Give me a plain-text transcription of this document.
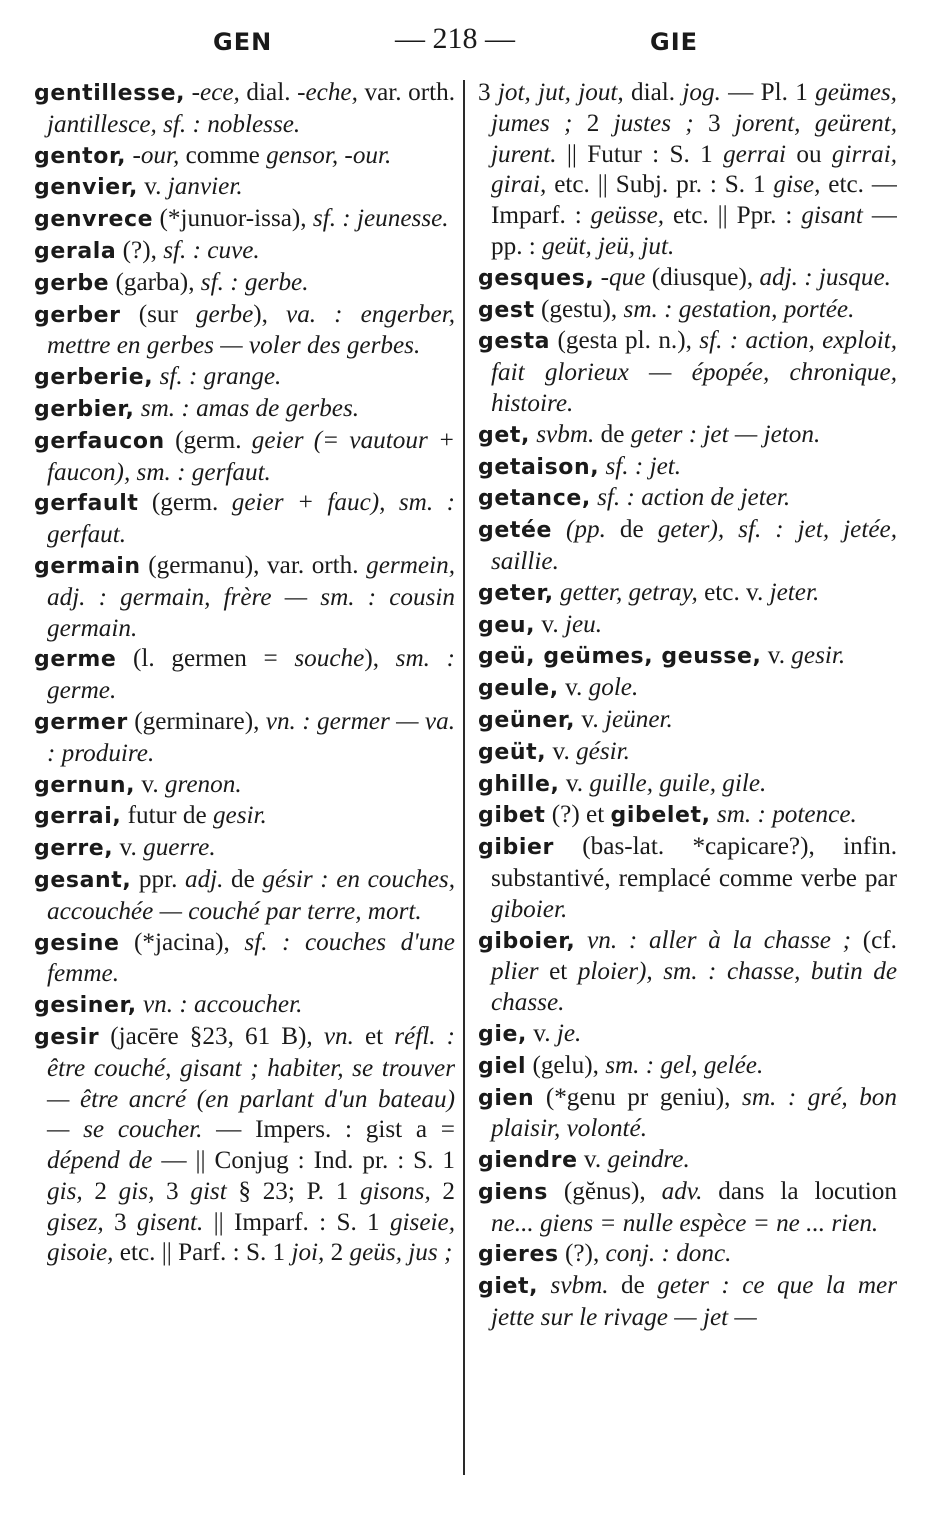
GEN	— 218 —	GIE

gentillesse, -ece, dial. -eche, var. orth. jantillesce, sf. : noblesse.

gentor, -our, comme gensor, -our.

genvier, v. janvier.

genvrece (*junuor-issa), sf. : jeunesse.

gerala (?), sf. : cuve.

gerbe (garba), sf. : gerbe.

gerber (sur gerbe), va. : engerber, mettre en gerbes — voler des gerbes.

gerberie, sf. : grange.

gerbier, sm. : amas de gerbes.

gerfaucon (germ. geier (= vautour + faucon), sm. : gerfaut.

gerfault (germ. geier + fauc), sm. : gerfaut.

germain (germanu), var. orth. germein, adj. : germain, frère — sm. : cousin germain.

germe (l. germen = souche), sm. : germe.

germer (germinare), vn. : germer — va. : produire.

gernun, v. grenon.

gerrai, futur de gesir.

gerre, v. guerre.

gesant, ppr. adj. de gésir : en couches, accouchée — couché par terre, mort.

gesine (*jacina), sf. : couches d'une femme.

gesiner, vn. : accoucher.

gesir (jacēre §23, 61 B), vn. et réfl. : être couché, gisant ; habiter, se trouver — être ancré (en parlant d'un bateau) — se coucher. — Impers. : gist a = dépend de — || Conjug : Ind. pr. : S. 1 gis, 2 gis, 3 gist § 23; P. 1 gisons, 2 gisez, 3 gisent. || Imparf. : S. 1 giseie, gisoie, etc. || Parf. : S. 1 joi, 2 geüs, jus ;

3 jot, jut, jout, dial. jog. — Pl. 1 geümes, jumes ; 2 justes ; 3 jorent, geürent, jurent. || Futur : S. 1 gerrai ou girrai, girai, etc. || Subj. pr. : S. 1 gise, etc. — Imparf. : geüsse, etc. || Ppr. : gisant — pp. : geüt, jeü, jut.

gesques, -que (diusque), adj. : jusque.

gest (gestu), sm. : gestation, portée.

gesta (gesta pl. n.), sf. : action, exploit, fait glorieux — épopée, chronique, histoire.

get, svbm. de geter : jet — jeton.

getaison, sf. : jet.

getance, sf. : action de jeter.

getée (pp. de geter), sf. : jet, jetée, saillie.

geter, getter, getray, etc. v. jeter.

geu, v. jeu.

geü, geümes, geusse, v. gesir.

geule, v. gole.

geüner, v. jeüner.

geüt, v. gésir.

ghille, v. guille, guile, gile.

gibet (?) et gibelet, sm. : potence.

gibier (bas-lat. *capicare?), infin. substantivé, remplacé comme verbe par giboier.

giboier, vn. : aller à la chasse ; (cf. plier et ploier), sm. : chasse, butin de chasse.

gie, v. je.

giel (gelu), sm. : gel, gelée.

gien (*genu pr geniu), sm. : gré, bon plaisir, volonté.

giendre v. geindre.

giens (gĕnus), adv. dans la locution ne... giens = nulle espèce = ne ... rien.

gieres (?), conj. : donc.

giet, svbm. de geter : ce que la mer jette sur le rivage — jet —
